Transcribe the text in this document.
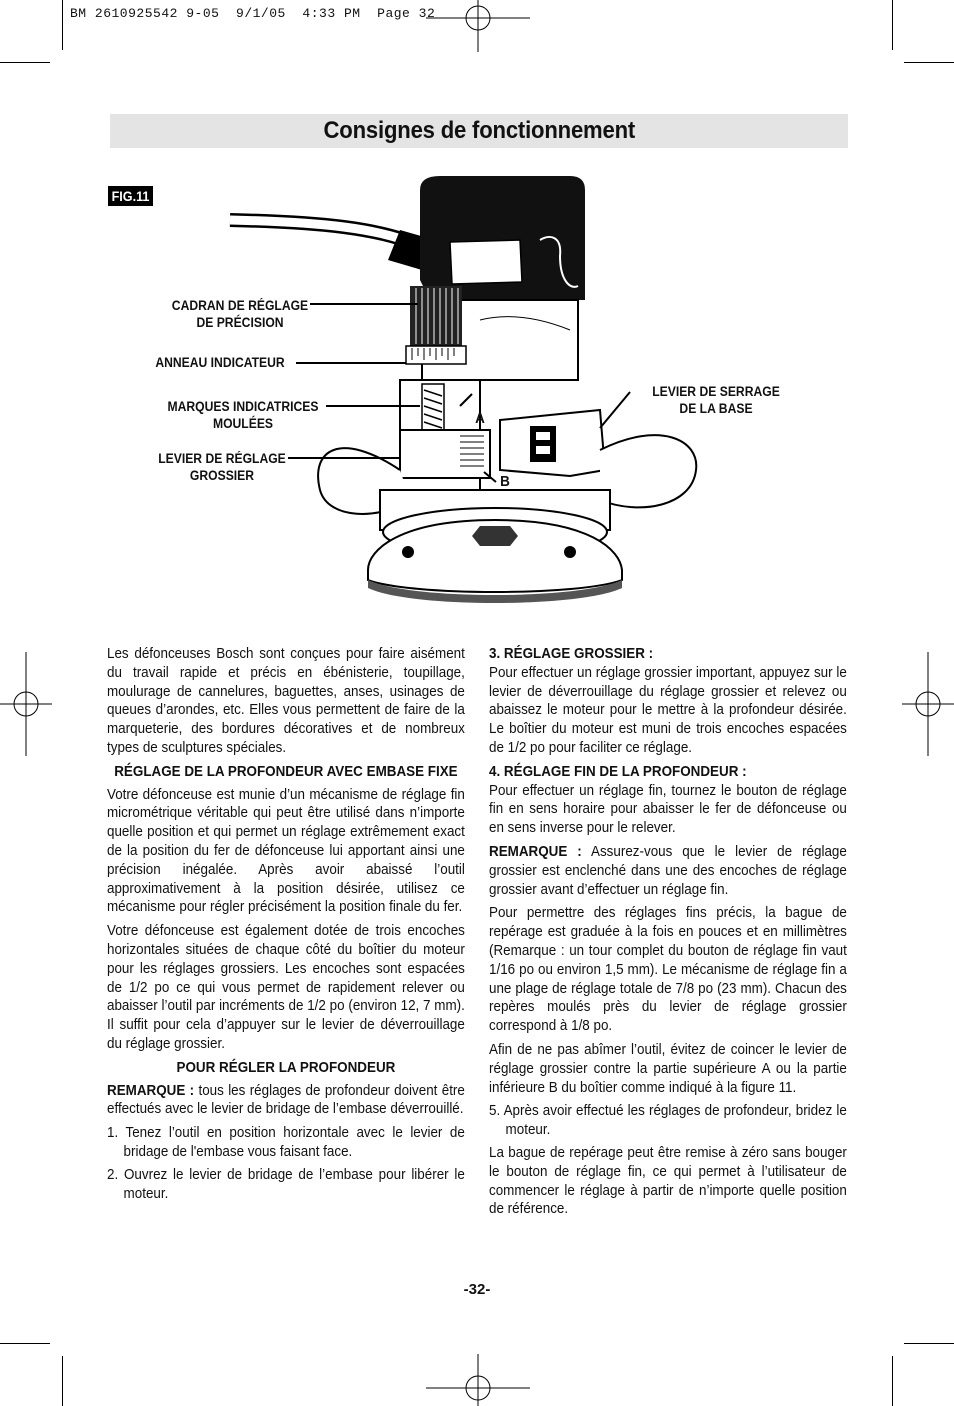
BM 2610925542 9-05  9/1/05  4:33 PM  Page 32
Consignes de fonctionnement
FIG.11
CADRAN DE RÉGLAGE
DE PRÉCISION
ANNEAU INDICATEUR
MARQUES INDICATRICES
MOULÉES
LEVIER DE RÉGLAGE
GROSSIER
LEVIER DE SERRAGE
DE LA BASE
A
B

Les défonceuses Bosch sont conçues pour faire aisément du travail rapide et précis en ébénisterie, toupillage, moulurage de cannelures, baguettes, anses, usinages de queues d’arondes, etc. Elles vous permettent de faire de la marqueterie, des bordures décoratives et de nombreux types de sculptures spéciales.

RÉGLAGE DE LA PROFONDEUR AVEC EMBASE FIXE

Votre défonceuse est munie d’un mécanisme de réglage fin micrométrique véritable qui peut être utilisé dans n’importe quelle position et qui permet un réglage extrêmement exact de la position du fer de défonceuse lui apportant ainsi une précision inégalée. Après avoir abaissé l’outil approximativement à la position désirée, utilisez ce mécanisme pour régler précisément la position finale du fer.

Votre défonceuse est également dotée de trois encoches horizontales situées de chaque côté du boîtier du moteur pour les réglages grossiers. Les encoches sont espacées de 1/2 po ce qui vous permet de rapidement relever ou abaisser l’outil par incréments de 1/2 po (environ 12, 7 mm). Il suffit pour cela d’appuyer sur le levier de déverrouillage du réglage grossier.

POUR RÉGLER LA PROFONDEUR

REMARQUE : tous les réglages de profondeur doivent être effectués avec le levier de bridage de l’embase déverrouillé.

1. Tenez l’outil en position horizontale avec le levier de bridage de l'embase vous faisant face.

2. Ouvrez le levier de bridage de l’embase pour libérer le moteur.

3. RÉGLAGE GROSSIER :

Pour effectuer un réglage grossier important, appuyez sur le levier de déverrouillage du réglage grossier et relevez ou abaissez le moteur pour le mettre à la profondeur désirée. Le boîtier du moteur est muni de trois encoches espacées de 1/2 po pour faciliter ce réglage.

4. RÉGLAGE FIN DE LA PROFONDEUR :

Pour effectuer un réglage fin, tournez le bouton de réglage fin en sens horaire pour abaisser le fer de défonceuse ou en sens inverse pour le relever.

REMARQUE : Assurez-vous que le levier de réglage grossier est enclenché dans une des encoches de réglage grossier avant d’effectuer un réglage fin.

Pour permettre des réglages fins précis, la bague de repérage est graduée à la fois en pouces et en millimètres (Remarque : un tour complet du bouton de réglage fin vaut 1/16 po ou environ 1,5 mm). Le mécanisme de réglage fin a une plage de réglage totale de 7/8 po (23 mm). Chacun des repères moulés près du levier de réglage grossier correspond à 1/8 po.

Afin de ne pas abîmer l’outil, évitez de coincer le levier de réglage grossier contre la partie supérieure A ou la partie inférieure B du boîtier comme indiqué à la figure 11.

5. Après avoir effectué les réglages de profondeur, bridez le moteur.

La bague de repérage peut être remise à zéro sans bouger le bouton de réglage fin, ce qui permet à l’utilisateur de commencer le réglage à partir de n’importe quelle position de référence.

-32-
